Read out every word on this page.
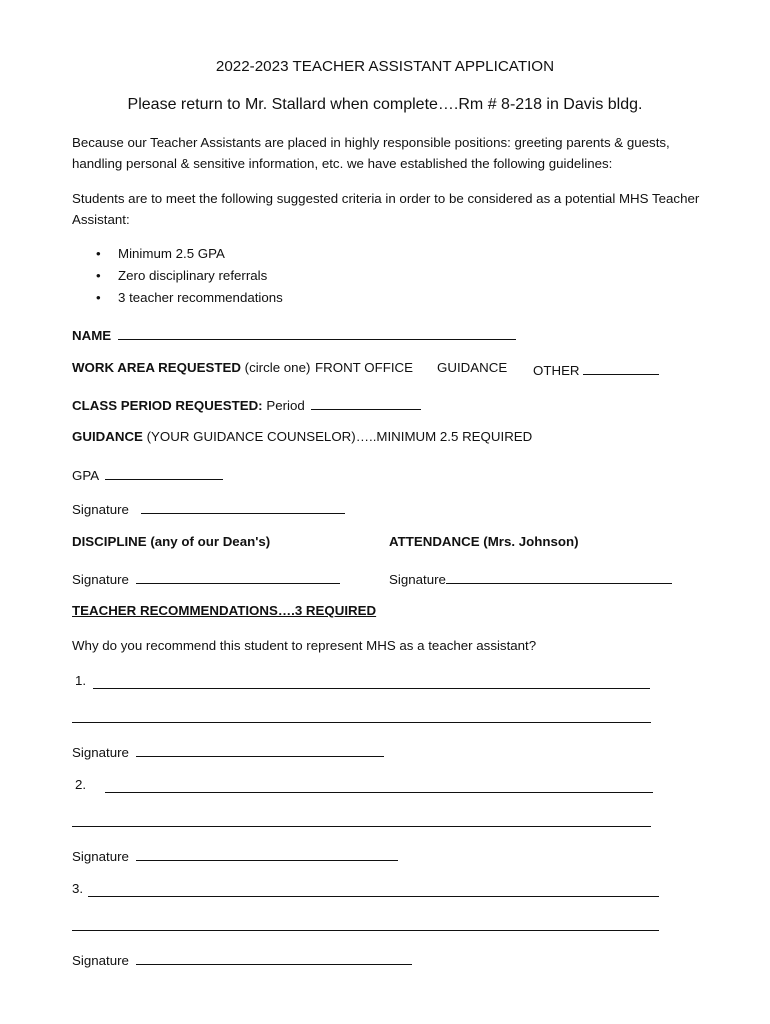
2022-2023 TEACHER ASSISTANT APPLICATION
Please return to Mr. Stallard when complete….Rm # 8-218 in Davis bldg.
Because our Teacher Assistants are placed in highly responsible positions: greeting parents & guests, handling personal & sensitive information, etc. we have established the following guidelines:
Students are to meet the following suggested criteria in order to be considered as a potential MHS Teacher Assistant:
• Minimum 2.5 GPA
• Zero disciplinary referrals
• 3 teacher recommendations
NAME
WORK AREA REQUESTED (circle one) FRONT OFFICE GUIDANCE OTHER
CLASS PERIOD REQUESTED: Period
GUIDANCE (YOUR GUIDANCE COUNSELOR)…..MINIMUM 2.5 REQUIRED
GPA
Signature
DISCIPLINE (any of our Dean's)	ATTENDANCE (Mrs. Johnson)
Signature	Signature
TEACHER RECOMMENDATIONS….3 REQUIRED
Why do you recommend this student to represent MHS as a teacher assistant?
1.
Signature
2.
Signature
3.
Signature
